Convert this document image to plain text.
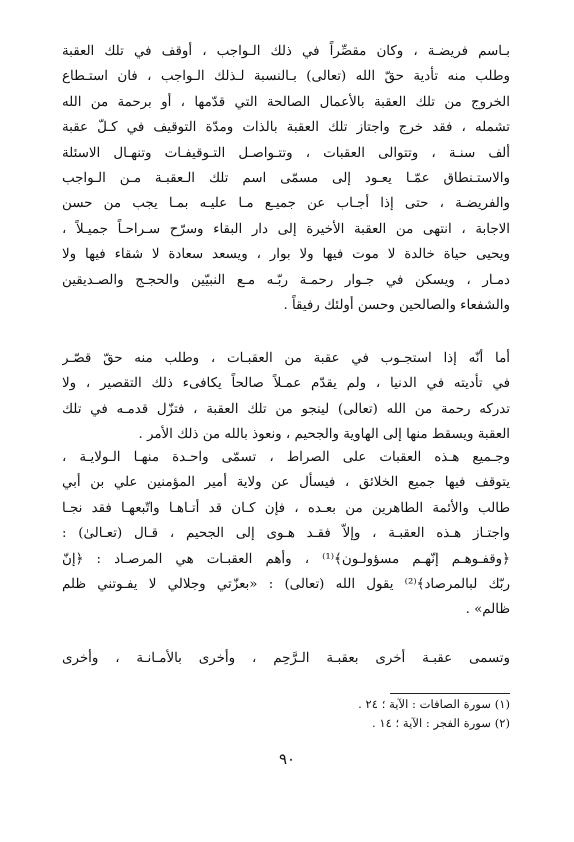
بـاسم فريضـة ، وكان مقصِّراً في ذلك الـواجب ، أوقف في تلك العقبة
وطلب منه تأدية حقّ الله (تعالى) بـالنسبة لـذلك الـواجب ، فان استـطاع
الخروج من تلك العقبة بالأعمال الصالحة التي قدّمها ، أو برحمة من الله
تشمله ، فقد خرج واجتاز تلك العقبة بالذات ومدّة التوقيف في كـلّ عقبة
ألف سنـة ، وتتوالى العقبات ، وتتـواصـل التـوقيفـات وتنهـال الاسئلة
والاستـنطاق عمّـا يعـود إلى مسمّى اسم تلك الـعقبـة مـن الـواجب
والفريضـة ، حتى إذا أجـاب عن جميـع مـا عليـه بمـا يجب من حسن
الاجابة ، انتهى من العقبة الأخيرة إلى دار البقاء وسرّح سـراحـاً جميـلاً ،
ويحيى حياة خالدة لا موت فيها ولا بوار ، ويسعد سعادة لا شقاء فيها ولا
دمـار ، ويسكن في جـوار رحمـة ربّـه مـع النبيّين والحجـج والصـديقين
والشفعاء والصالحين وحسن أولئك رفيقاً .
أما أنّه إذا استجـوب في عقبة من العقبـات ، وطلب منه حقّ قصّـر
في تأديته في الدنيا ، ولم يقدّم عمـلاً صالحاً يكافىء ذلك التقصير ، ولا
تدركه رحمة من الله (تعالى) لينجو من تلك العقبة ، فتزّل قدمـه في تلك
العقبة ويسقط منها إلى الهاوية والجحيم ، ونعوذ بالله من ذلك الأمر .
وجـميع هـذه العقبات على الصراط ، تسمّى واحـدة منهـا الـولايـة ،
يتوقف فيها جميع الخلائق ، فيسأل عن ولاية أمير المؤمنين علي بن أبي
طالب والأئمة الطاهرين من بعـده ، فإن كـان قد أتـاهـا واتّبعهـا فقد نجـا
واجتـاز هـذه العقبـة ، وإلاّ فقـد هـوى إلى الجحيم ، قـال (تعـالىٰ) :
﴿وقفـوهـم إنّهـم مسؤولـون﴾⁽¹⁾ ، وأهم العقبـات هي المرصـاد : ﴿إنّ
ربّك لبالمرصاد﴾⁽²⁾ يقول الله (تعالى) : «بعزّتي وجلالي لا يفـوتني ظلم
ظالم» .
وتسمى عقبـة أخرى بعقبـة الـرَّحِم ، وأخرى بالأمـانـة ، وأخرى
(١) سورة الصافات : الآية ؛ ٢٤ .
(٢) سورة الفجر : الآية ؛ ١٤ .
٩٠
